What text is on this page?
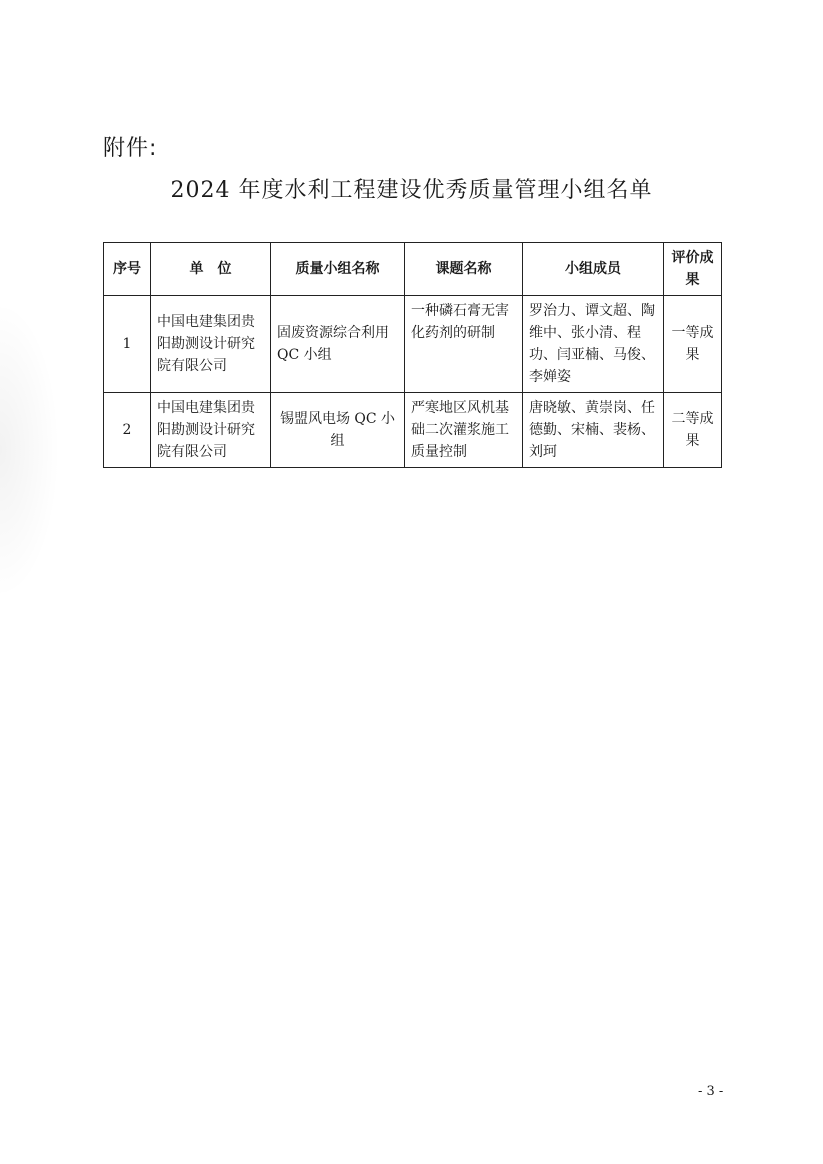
附件:
2024 年度水利工程建设优秀质量管理小组名单
序号	单　位	质量小组名称	课题名称	小组成员	评价成果
1	中国电建集团贵阳勘测设计研究院有限公司	固废资源综合利用 QC 小组	一种磷石膏无害化药剂的研制	罗治力、谭文超、陶维中、张小清、程功、闫亚楠、马俊、李婵姿	一等成果
2	中国电建集团贵阳勘测设计研究院有限公司	锡盟风电场 QC 小组	严寒地区风机基础二次灌浆施工质量控制	唐晓敏、黄崇岗、任德勤、宋楠、裴杨、刘珂	二等成果
- 3 -
